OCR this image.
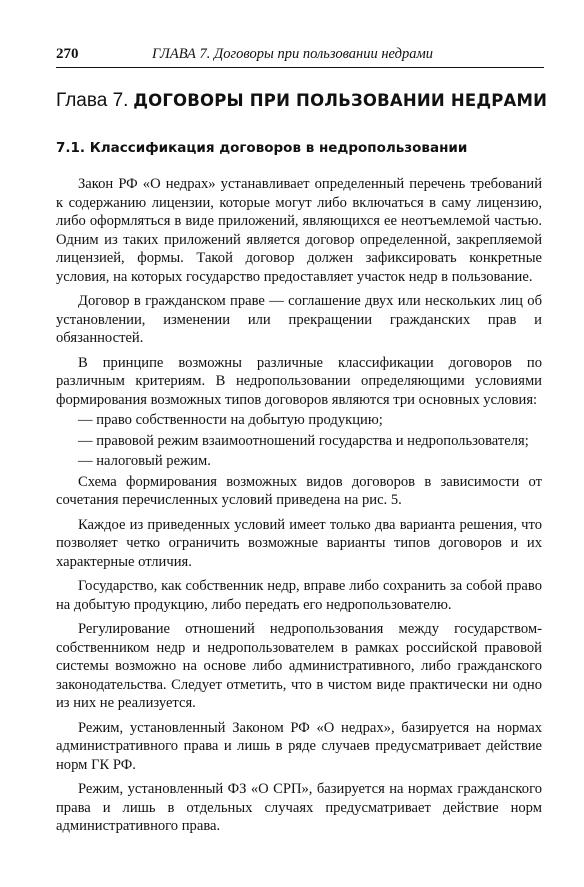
270	ГЛАВА 7. Договоры при пользовании недрами
Глава 7. ДОГОВОРЫ ПРИ ПОЛЬЗОВАНИИ НЕДРАМИ
7.1. Классификация договоров в недропользовании

Закон РФ «О недрах» устанавливает определенный перечень требований к содержанию лицензии, которые могут либо включаться в саму лицензию, либо оформляться в виде приложений, являющихся ее неотъемлемой частью. Одним из таких приложений является договор определенной, закрепляемой лицензией, формы. Такой договор должен зафиксировать конкретные условия, на которых государство предоставляет участок недр в пользование.

Договор в гражданском праве — соглашение двух или нескольких лиц об установлении, изменении или прекращении гражданских прав и обязанностей.

В принципе возможны различные классификации договоров по различным критериям. В недропользовании определяющими условиями формирования возможных типов договоров являются три основных условия:

— право собственности на добытую продукцию;

— правовой режим взаимоотношений государства и недропользователя;

— налоговый режим.

Схема формирования возможных видов договоров в зависимости от сочетания перечисленных условий приведена на рис. 5.

Каждое из приведенных условий имеет только два варианта решения, что позволяет четко ограничить возможные варианты типов договоров и их характерные отличия.

Государство, как собственник недр, вправе либо сохранить за собой право на добытую продукцию, либо передать его недропользователю.

Регулирование отношений недропользования между государством-собственником недр и недропользователем в рамках российской правовой системы возможно на основе либо административного, либо гражданского законодательства. Следует отметить, что в чистом виде практически ни одно из них не реализуется.

Режим, установленный Законом РФ «О недрах», базируется на нормах административного права и лишь в ряде случаев предусматривает действие норм ГК РФ.

Режим, установленный ФЗ «О СРП», базируется на нормах гражданского права и лишь в отдельных случаях предусматривает действие норм административного права.
